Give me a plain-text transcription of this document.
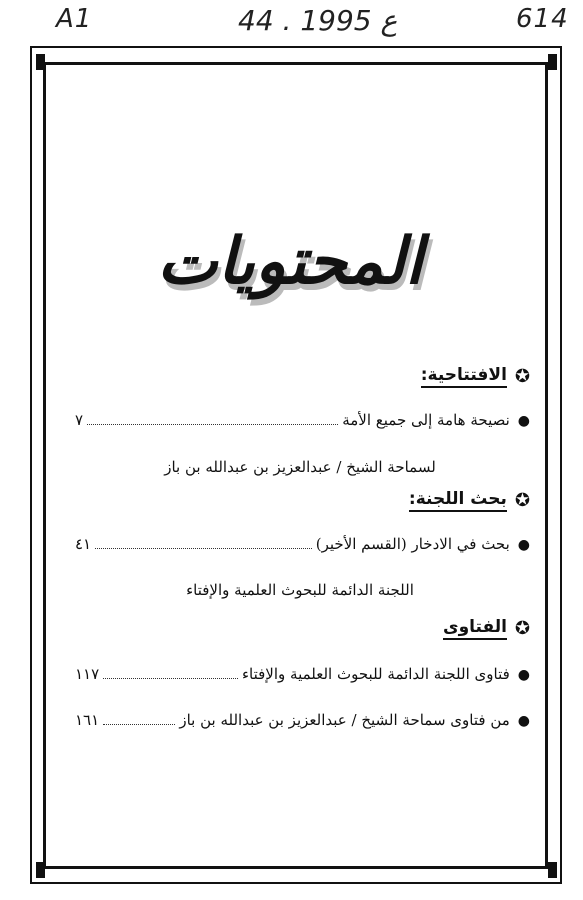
A1	44 . ع 1995	614
المحتويات
✪
الافتتاحية:
●
نصيحة هامة إلى جميع الأمة
٧
لسماحة الشيخ / عبدالعزيز بن عبدالله بن باز
✪
بحث اللجنة:
●
بحث في الادخار (القسم الأخير)
٤١
اللجنة الدائمة للبحوث العلمية والإفتاء
✪
الفتاوى
●
فتاوى اللجنة الدائمة للبحوث العلمية والإفتاء
١١٧
●
من فتاوى سماحة الشيخ / عبدالعزيز بن عبدالله بن باز
١٦١
